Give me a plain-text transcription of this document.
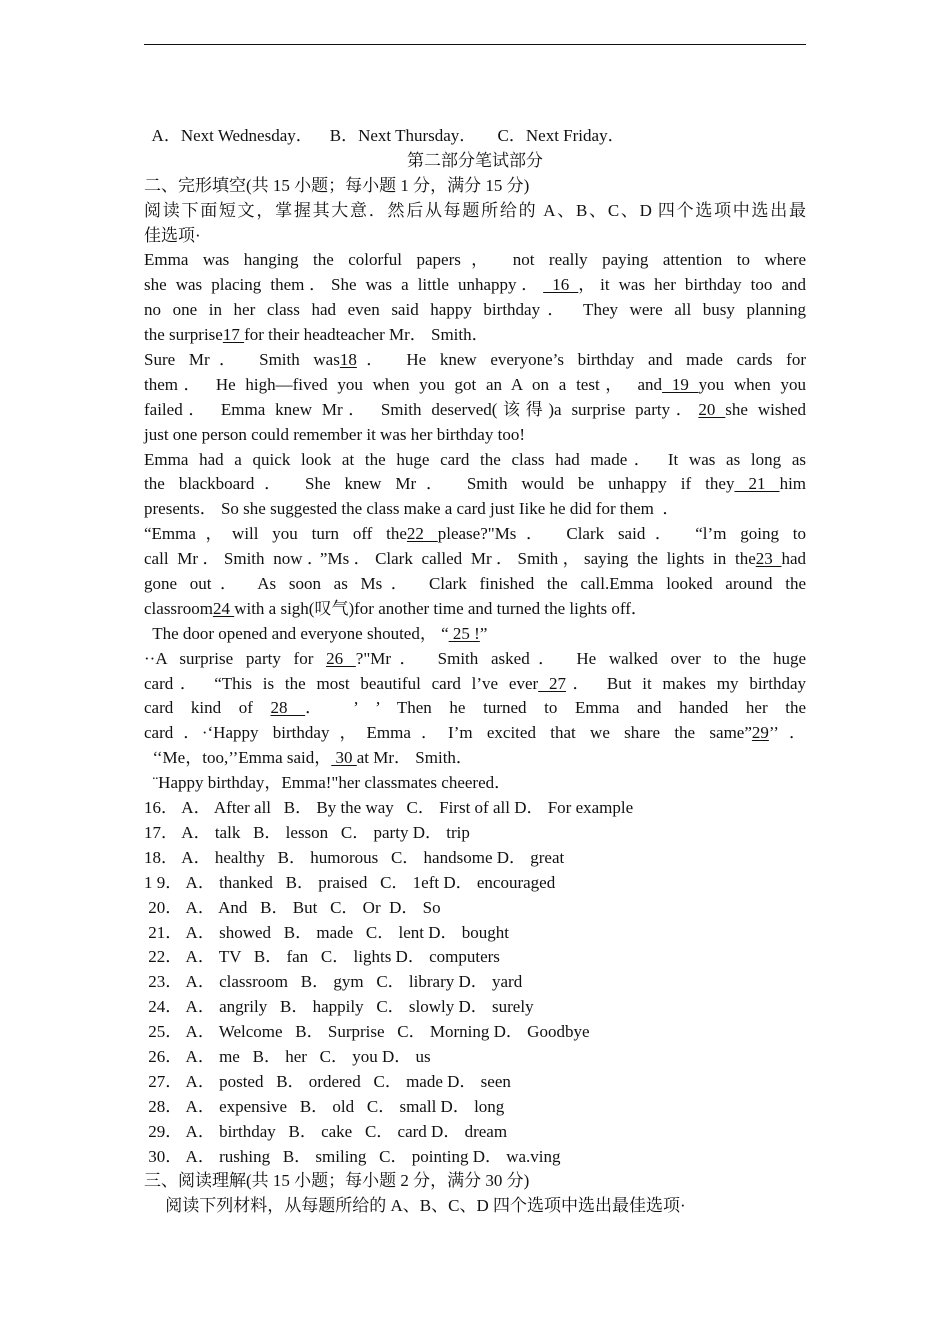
A．Next Wednesday．    B．Next Thursday．     C．Next Friday．
第二部分笔试部分
二、完形填空(共 15 小题；每小题 1 分，满分 15 分)
阅读下面短文，掌握其大意．然后从每题所给的 A、B、C、D 四个选项中选出最
佳选项·
Emma was hanging the colorful papers， not really paying attention to where
she was placing them．She was a little unhappy． 16 ，it was her birthday too and
no one in her class had even said happy birthday． They were all busy planning
the surprise17 for their headteacher Mr． Smith．
Sure Mr． Smith was18． He knew everyone’s birthday and made cards for
them． He high—fived you when you got an A on a test， and 19 you when you
failed． Emma knew Mr． Smith deserved(该得)a surprise party．20 she wished
just one person could remember it was her birthday too!
Emma had a quick look at the huge card the class had made． It was as long as
the blackboard． She knew Mr． Smith would be unhappy if they 21 him
presents． So she suggested the class make a card just Iike he did for them  ．
“Emma，will you turn off the22 please?"Ms． Clark said． “l’m going to
call Mr．Smith now．”Ms．Clark called Mr．Smith，saying the lights in the23 had
gone out． As soon as Ms． Clark finished the call.Emma looked around the
classroom24 with a sigh(叹气)for another time and turned the lights off．
The door opened and everyone shouted， “ 25 !”
··A surprise party for 26 ?"Mr． Smith asked． He walked over to the huge
card． “This is the most beautiful card l’ve ever 27． But it makes my birthday
card kind of 28 ． ’ ’ Then he turned to Emma and handed her the
card．·‘Happy birthday，Emma．I’m excited that we share the same”29’’．
‘‘Me，too,’’Emma said， 30 at Mr． Smith．
¨Happy birthday，Emma!"her classmates cheered．
16． A． After all   B． By the way   C． First of all D． For example
17． A． talk   B． lesson   C． party D． trip
18． A． healthy   B． humorous   C． handsome D． great
1 9． A． thanked   B． praised   C． 1eft D． encouraged
20． A． And   B． But   C． Or  D． So
21． A． showed   B． made   C． lent D． bought
22． A． TV   B． fan   C． lights D． computers
23． A． classroom   B． gym   C． library D． yard
24． A． angrily   B． happily   C． slowly D． surely
25． A． Welcome   B． Surprise   C． Morning D． Goodbye
26． A． me   B． her   C． you D． us
27． A． posted   B． ordered   C． made D． seen
28． A． expensive   B． old   C． small D． long
29． A． birthday   B． cake   C． card D． dream
30． A． rushing   B． smiling   C． pointing D． wa.ving
三、阅读理解(共 15 小题；每小题 2 分，满分 30 分)
阅读下列材料，从每题所给的 A、B、C、D 四个选项中选出最佳选项·
